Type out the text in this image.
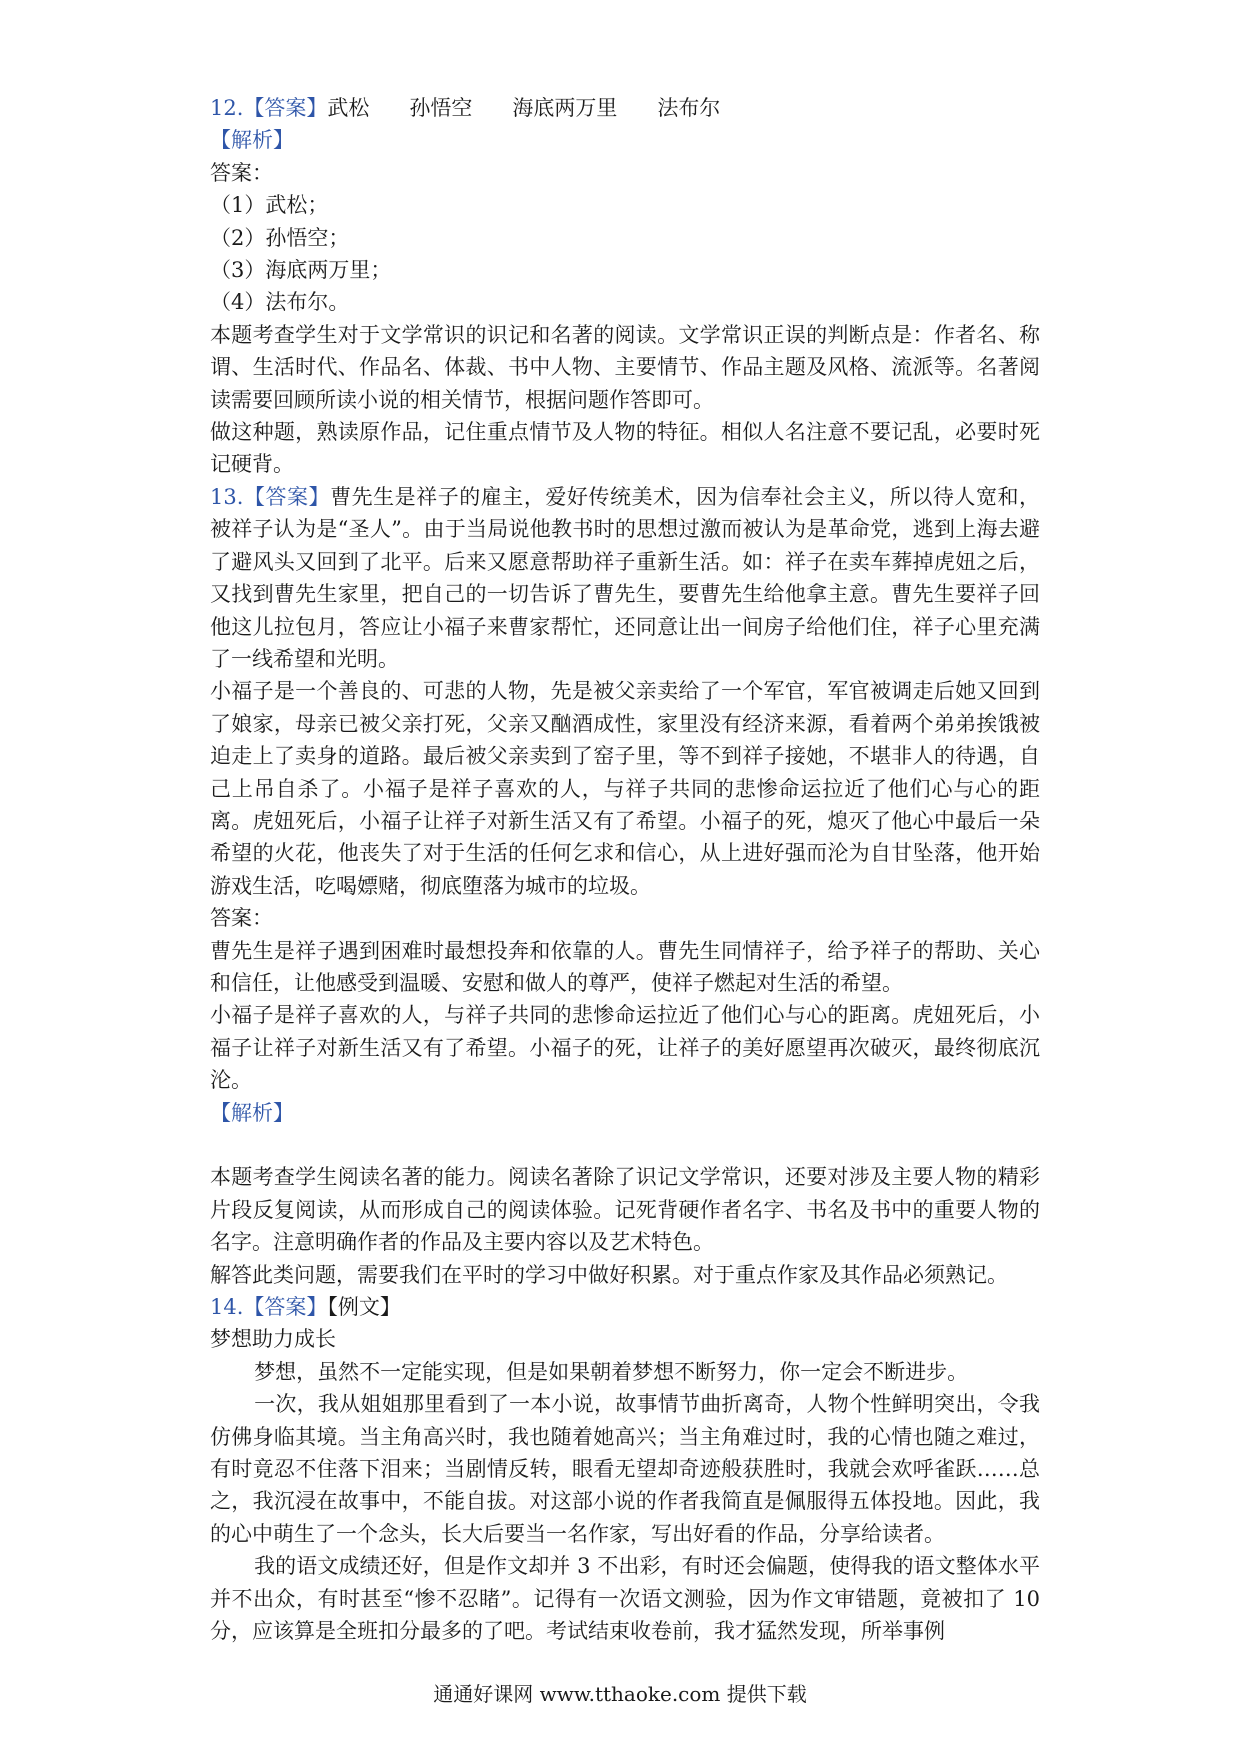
12.【答案】武松 孙悟空 海底两万里 法布尔
【解析】
答案：
（1）武松；
（2）孙悟空；
（3）海底两万里；
（4）法布尔。

本题考查学生对于文学常识的识记和名著的阅读。文学常识正误的判断点是：作者名、称谓、生活时代、作品名、体裁、书中人物、主要情节、作品主题及风格、流派等。名著阅读需要回顾所读小说的相关情节，根据问题作答即可。

做这种题，熟读原作品，记住重点情节及人物的特征。相似人名注意不要记乱，必要时死记硬背。

13.【答案】曹先生是祥子的雇主，爱好传统美术，因为信奉社会主义，所以待人宽和，被祥子认为是“圣人”。由于当局说他教书时的思想过激而被认为是革命党，逃到上海去避了避风头又回到了北平。后来又愿意帮助祥子重新生活。如：祥子在卖车葬掉虎妞之后，又找到曹先生家里，把自己的一切告诉了曹先生，要曹先生给他拿主意。曹先生要祥子回他这儿拉包月，答应让小福子来曹家帮忙，还同意让出一间房子给他们住，祥子心里充满了一线希望和光明。

小福子是一个善良的、可悲的人物，先是被父亲卖给了一个军官，军官被调走后她又回到了娘家，母亲已被父亲打死，父亲又酗酒成性，家里没有经济来源，看着两个弟弟挨饿被迫走上了卖身的道路。最后被父亲卖到了窑子里，等不到祥子接她，不堪非人的待遇，自己上吊自杀了。小福子是祥子喜欢的人，与祥子共同的悲惨命运拉近了他们心与心的距离。虎妞死后，小福子让祥子对新生活又有了希望。小福子的死，熄灭了他心中最后一朵希望的火花，他丧失了对于生活的任何乞求和信心，从上进好强而沦为自甘坠落，他开始游戏生活，吃喝嫖赌，彻底堕落为城市的垃圾。

答案：

曹先生是祥子遇到困难时最想投奔和依靠的人。曹先生同情祥子，给予祥子的帮助、关心和信任，让他感受到温暖、安慰和做人的尊严，使祥子燃起对生活的希望。

小福子是祥子喜欢的人，与祥子共同的悲惨命运拉近了他们心与心的距离。虎妞死后，小福子让祥子对新生活又有了希望。小福子的死，让祥子的美好愿望再次破灭，最终彻底沉沦。

【解析】

本题考查学生阅读名著的能力。阅读名著除了识记文学常识，还要对涉及主要人物的精彩片段反复阅读，从而形成自己的阅读体验。记死背硬作者名字、书名及书中的重要人物的名字。注意明确作者的作品及主要内容以及艺术特色。

解答此类问题，需要我们在平时的学习中做好积累。对于重点作家及其作品必须熟记。

14.【答案】【例文】
梦想助力成长

梦想，虽然不一定能实现，但是如果朝着梦想不断努力，你一定会不断进步。

一次，我从姐姐那里看到了一本小说，故事情节曲折离奇，人物个性鲜明突出，令我仿佛身临其境。当主角高兴时，我也随着她高兴；当主角难过时，我的心情也随之难过，有时竟忍不住落下泪来；当剧情反转，眼看无望却奇迹般获胜时，我就会欢呼雀跃……总之，我沉浸在故事中，不能自拔。对这部小说的作者我简直是佩服得五体投地。因此，我的心中萌生了一个念头，长大后要当一名作家，写出好看的作品，分享给读者。

我的语文成绩还好，但是作文却并 3 不出彩，有时还会偏题，使得我的语文整体水平并不出众，有时甚至“惨不忍睹”。记得有一次语文测验，因为作文审错题，竟被扣了 10 分，应该算是全班扣分最多的了吧。考试结束收卷前，我才猛然发现，所举事例

通通好课网 www.tthaoke.com 提供下载
